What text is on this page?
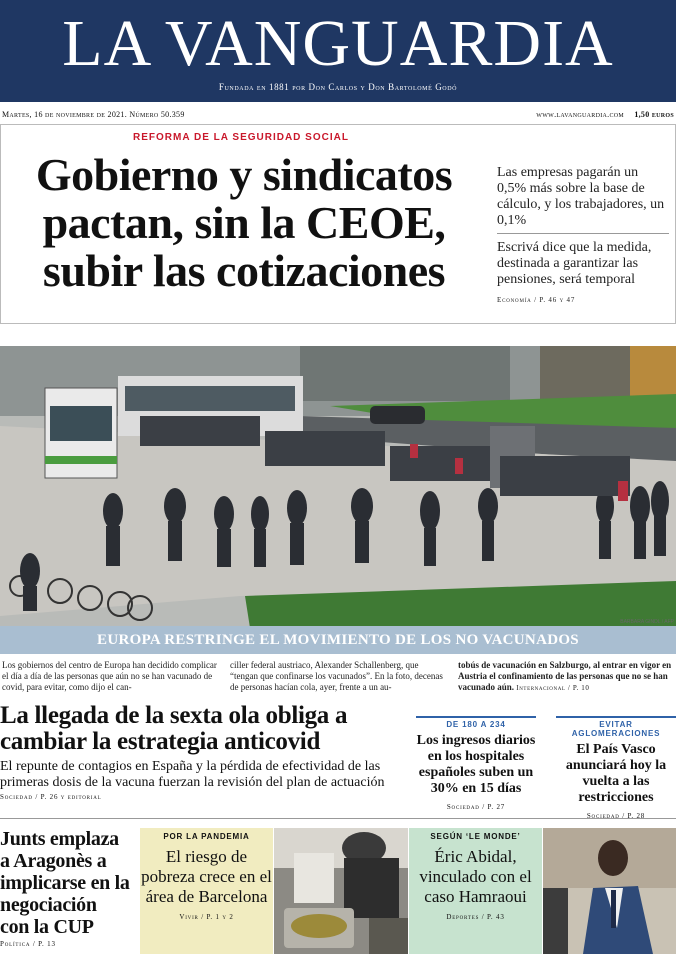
LA VANGUARDIA
Fundada en 1881 por Don Carlos y Don Bartolomé Godó
Martes, 16 de noviembre de 2021. Número 50.359	www.lavanguardia.com 1,50 euros
REFORMA DE LA SEGURIDAD SOCIAL
Gobierno y sindicatos pactan, sin la CEOE, subir las cotizaciones

Las empresas pagarán un 0,5% más sobre la base de cálculo, y los trabajadores, un 0,1%

Escrivá dice que la medida, destinada a garantizar las pensiones, será temporal

Economía / P. 46 y 47
BARBARA GINDL / AFP
EUROPA RESTRINGE EL MOVIMIENTO DE LOS NO VACUNADOS
Los gobiernos del centro de Europa han decidido complicar el día a día de las personas que aún no se han vacunado de covid, para evitar, como dijo el can-
ciller federal austriaco, Alexander Schallenberg, que “tengan que confinarse los vacunados”. En la foto, decenas de personas hacían cola, ayer, frente a un au-
tobús de vacunación en Salzburgo, al entrar en vigor en Austria el confinamiento de las personas que no se han vacunado aún. Internacional / P. 10
La llegada de la sexta ola obliga a cambiar la estrategia anticovid
El repunte de contagios en España y la pérdida de efectividad de las primeras dosis de la vacuna fuerzan la revisión del plan de actuación
Sociedad / P. 26 y editorial
DE 180 A 234
Los ingresos diarios en los hospitales españoles suben un 30% en 15 días
Sociedad / P. 27
EVITAR AGLOMERACIONES
El País Vasco anunciará hoy la vuelta a las restricciones
Sociedad / P. 28
Junts emplaza a Aragonès a implicarse en la negociación con la CUP
Política / P. 13
POR LA PANDEMIA
El riesgo de pobreza crece en el área de Barcelona
Vivir / P. 1 y 2
SEGÚN ‘LE MONDE’
Éric Abidal, vinculado con el caso Hamraoui
Deportes / P. 43
